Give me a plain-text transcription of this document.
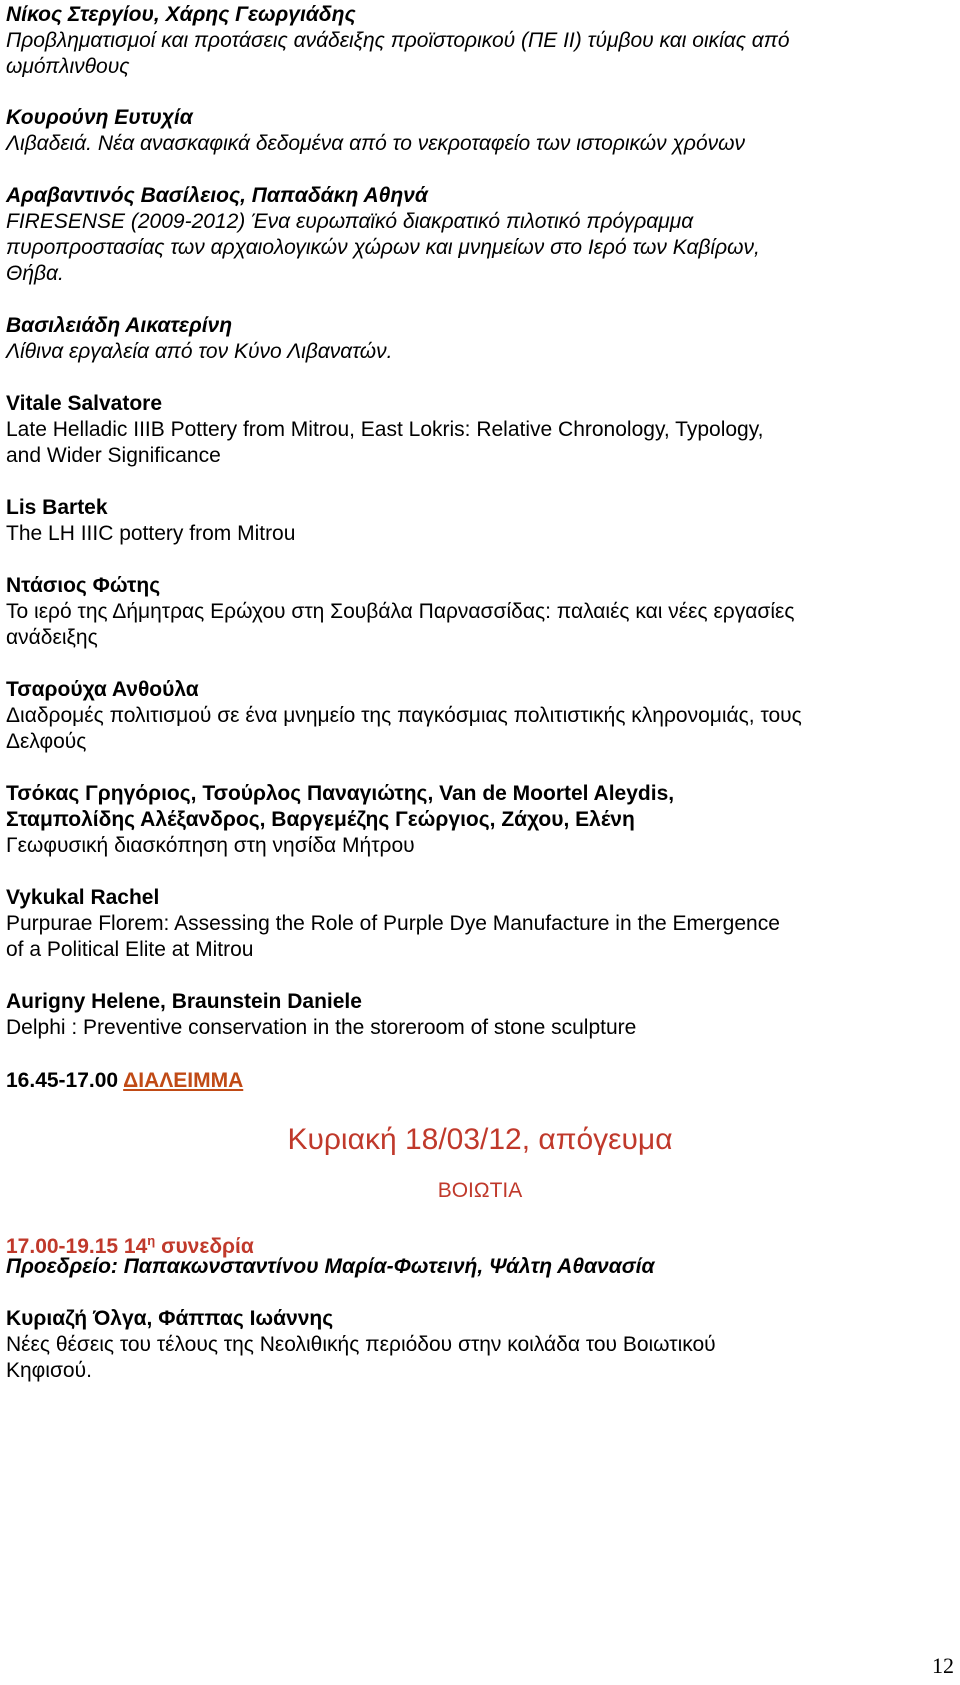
Νίκος Στεργίου, Χάρης Γεωργιάδης
Προβληματισμοί και προτάσεις ανάδειξης προϊστορικού (ΠΕ ΙΙ) τύμβου και οικίας από
ωμόπλινθους
Κουρούνη Ευτυχία
Λιβαδειά. Νέα ανασκαφικά δεδομένα από το νεκροταφείο των ιστορικών χρόνων
Αραβαντινός Βασίλειος, Παπαδάκη Αθηνά
FIRESENSE (2009-2012) Ένα ευρωπαϊκό διακρατικό πιλοτικό πρόγραμμα
πυροπροστασίας των αρχαιολογικών χώρων και μνημείων στο Ιερό των Καβίρων,
Θήβα.
Βασιλειάδη Αικατερίνη
Λίθινα εργαλεία από τον Κύνο Λιβανατών.
Vitale Salvatore
Late Helladic IIIB Pottery from Mitrou, East Lokris: Relative Chronology, Typology,
and Wider Significance
Lis Bartek
The LH IIIC pottery from Mitrou
Ντάσιος Φώτης
Το ιερό της Δήμητρας Ερώχου στη Σουβάλα Παρνασσίδας: παλαιές και νέες εργασίες
ανάδειξης
Τσαρούχα Ανθούλα
Διαδρομές πολιτισμού σε ένα μνημείο της παγκόσμιας πολιτιστικής κληρονομιάς, τους
Δελφούς
Τσόκας Γρηγόριος, Τσούρλος Παναγιώτης, Van de Moortel Aleydis,
Σταμπολίδης Αλέξανδρος, Βαργεμέζης Γεώργιος, Ζάχου, Ελένη
Γεωφυσική διασκόπηση στη νησίδα Μήτρου
Vykukal Rachel
Purpurae Florem: Assessing the Role of Purple Dye Manufacture in the Emergence
of a Political Elite at Mitrou
Aurigny Helene, Braunstein Daniele
Delphi : Preventive conservation in the storeroom of stone sculpture
16.45-17.00 ΔΙΑΛΕΙΜΜΑ
Κυριακή 18/03/12, απόγευμα
ΒΟΙΩΤΙΑ
17.00-19.15 $14^\eta$ συνεδρία
Προεδρείο: Παπακωνσταντίνου Μαρία-Φωτεινή, Ψάλτη Αθανασία
Κυριαζή Όλγα, Φάππας Ιωάννης
Νέες θέσεις του τέλους της Νεολιθικής περιόδου στην κοιλάδα του Βοιωτικού
Κηφισού.
12
